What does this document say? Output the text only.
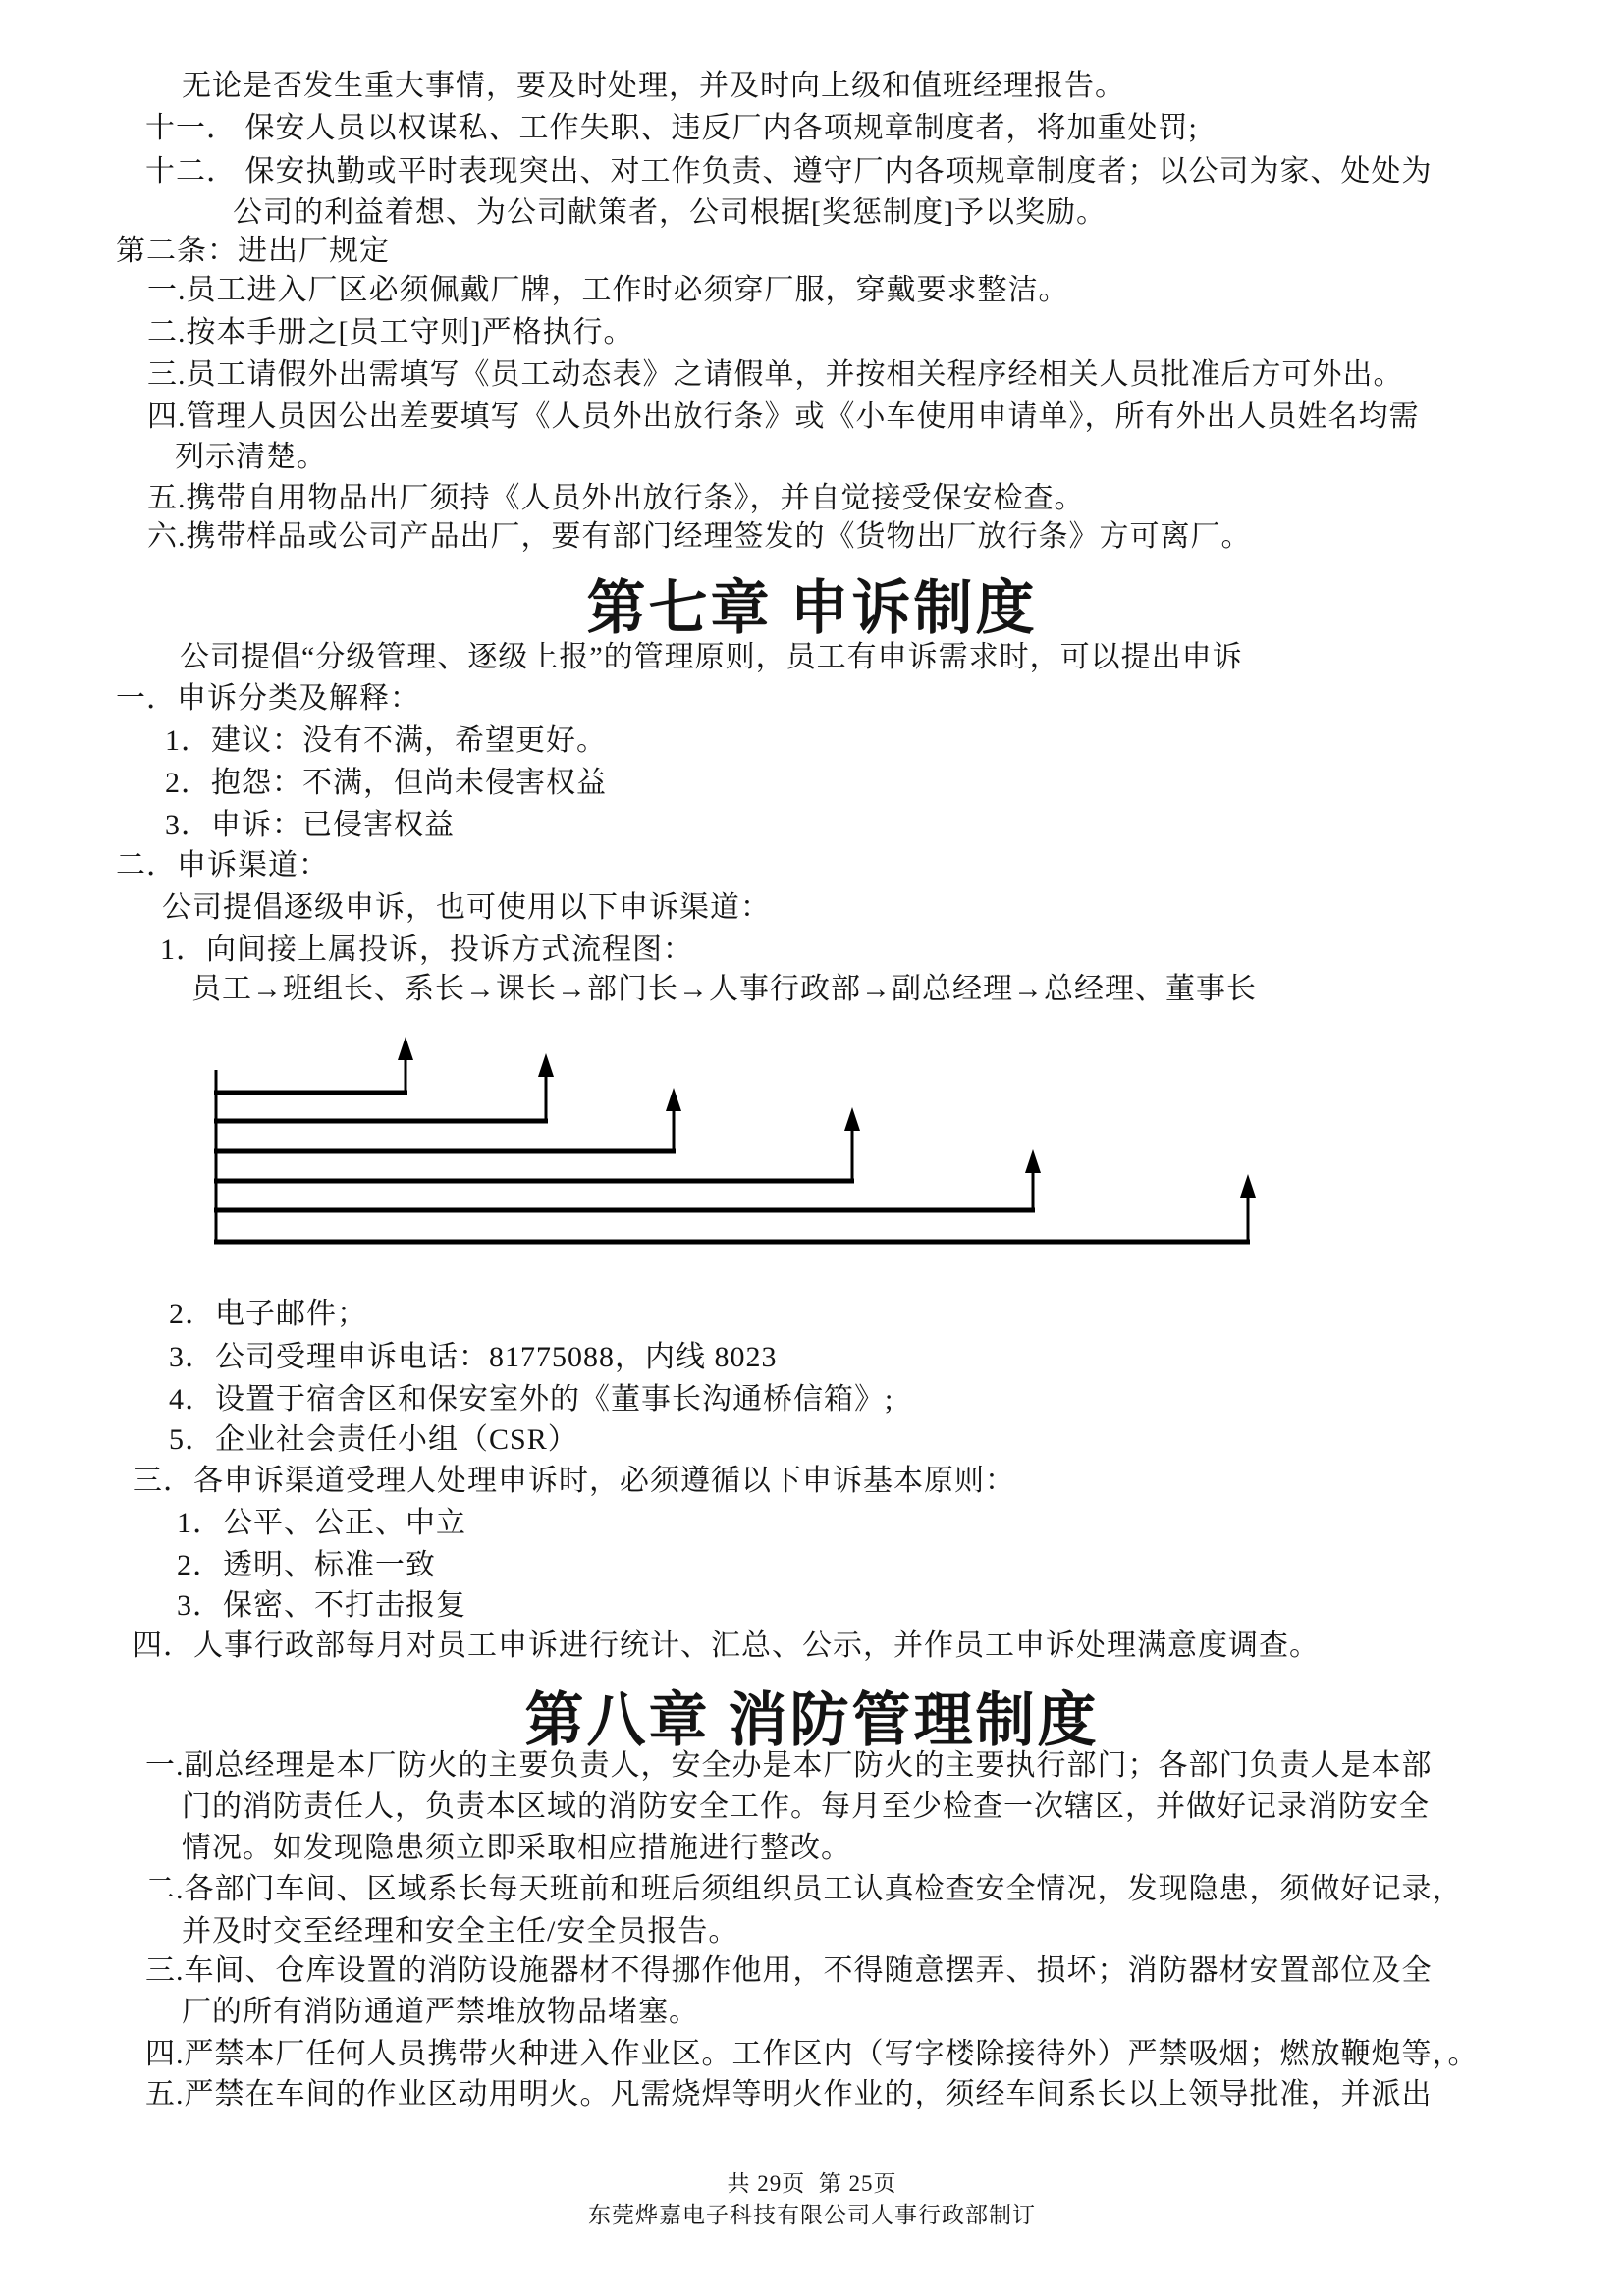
无论是否发生重大事情，要及时处理，并及时向上级和值班经理报告。
十一． 保安人员以权谋私、工作失职、违反厂内各项规章制度者，将加重处罚;
十二． 保安执勤或平时表现突出、对工作负责、遵守厂内各项规章制度者；以公司为家、处处为
公司的利益着想、为公司献策者，公司根据[奖惩制度]予以奖励。
第二条：进出厂规定
一.员工进入厂区必须佩戴厂牌，工作时必须穿厂服，穿戴要求整洁。
二.按本手册之[员工守则]严格执行。
三.员工请假外出需填写《员工动态表》之请假单，并按相关程序经相关人员批准后方可外出。
四.管理人员因公出差要填写《人员外出放行条》或《小车使用申请单》，所有外出人员姓名均需
列示清楚。
五.携带自用物品出厂须持《人员外出放行条》，并自觉接受保安检查。
六.携带样品或公司产品出厂，要有部门经理签发的《货物出厂放行条》方可离厂。
第七章 申诉制度
公司提倡“分级管理、逐级上报”的管理原则，员工有申诉需求时，可以提出申诉
一．申诉分类及解释：
1．建议：没有不满，希望更好。
2．抱怨：不满，但尚未侵害权益
3．申诉：已侵害权益
二．申诉渠道：
公司提倡逐级申诉，也可使用以下申诉渠道：
1．向间接上属投诉，投诉方式流程图：
员工→班组长、系长→课长→部门长→人事行政部→副总经理→总经理、董事长
2．电子邮件；
3．公司受理申诉电话：81775088，内线 8023
4．设置于宿舍区和保安室外的《董事长沟通桥信箱》;
5．企业社会责任小组（CSR）
三．各申诉渠道受理人处理申诉时，必须遵循以下申诉基本原则：
1．公平、公正、中立
2．透明、标准一致
3．保密、不打击报复
四．人事行政部每月对员工申诉进行统计、汇总、公示，并作员工申诉处理满意度调查。
第八章 消防管理制度
一.副总经理是本厂防火的主要负责人，安全办是本厂防火的主要执行部门；各部门负责人是本部
门的消防责任人，负责本区域的消防安全工作。每月至少检查一次辖区，并做好记录消防安全
情况。如发现隐患须立即采取相应措施进行整改。
二.各部门车间、区域系长每天班前和班后须组织员工认真检查安全情况，发现隐患，须做好记录，
并及时交至经理和安全主任/安全员报告。
三.车间、仓库设置的消防设施器材不得挪作他用，不得随意摆弄、损坏；消防器材安置部位及全
厂的所有消防通道严禁堆放物品堵塞。
四.严禁本厂任何人员携带火种进入作业区。工作区内（写字楼除接待外）严禁吸烟；燃放鞭炮等，。
五.严禁在车间的作业区动用明火。凡需烧焊等明火作业的，须经车间系长以上领导批准，并派出
共 29页  第 25页
东莞烨嘉电子科技有限公司人事行政部制订
